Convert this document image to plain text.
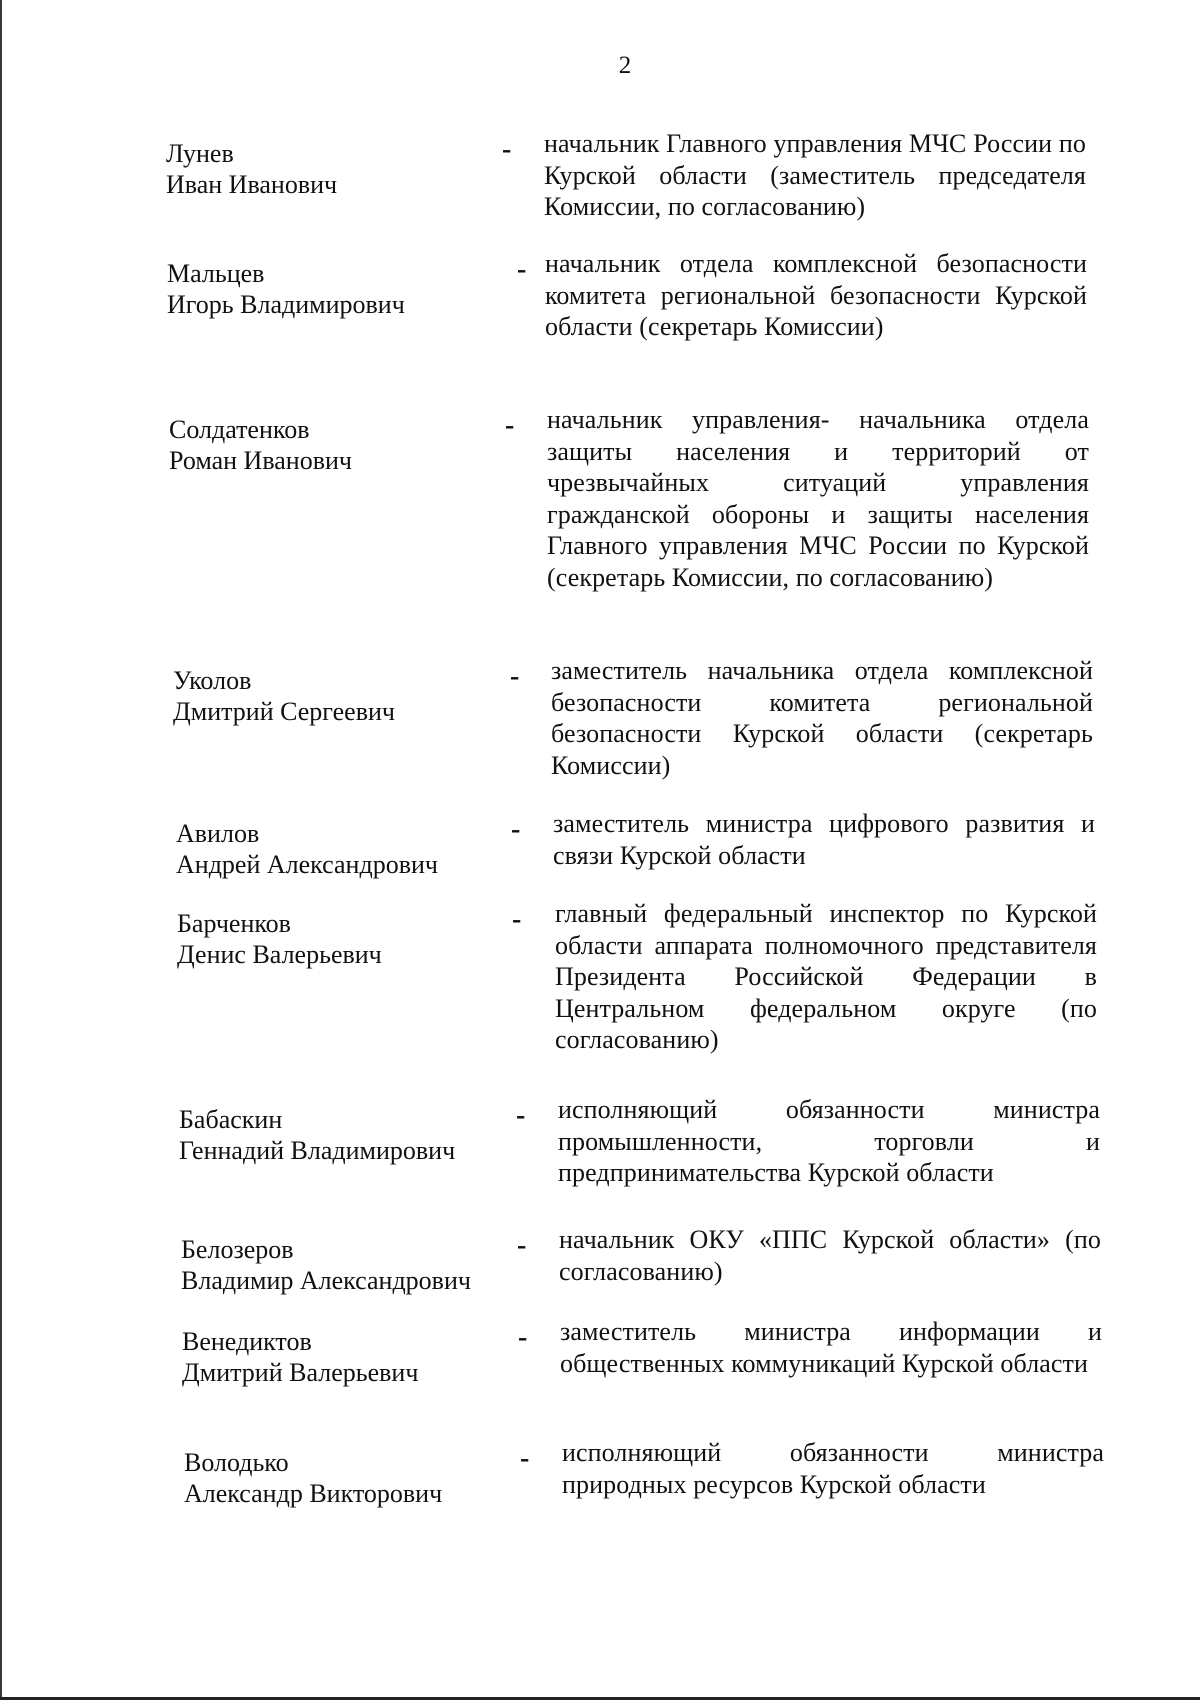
2
Лунев
Иван Иванович
- начальник Главного управления МЧС России по Курской области (заместитель председателя Комиссии, по согласованию)
Мальцев
Игорь Владимирович
- начальник отдела комплексной безопасности комитета региональной безопасности Курской области (секретарь Комиссии)
Солдатенков
Роман Иванович
- начальник управления- начальника отдела защиты населения и территорий от чрезвычайных ситуаций управления гражданской обороны и защиты населения Главного управления МЧС России по Курской (секретарь Комиссии, по согласованию)
Уколов
Дмитрий Сергеевич
- заместитель начальника отдела комплексной безопасности комитета региональной безопасности Курской области (секретарь Комиссии)
Авилов
Андрей Александрович
- заместитель министра цифрового развития и связи Курской области
Барченков
Денис Валерьевич
- главный федеральный инспектор по Курской области аппарата полномочного представителя Президента Российской Федерации в Центральном федеральном округе (по согласованию)
Бабаскин
Геннадий Владимирович
- исполняющий обязанности министра промышленности, торговли и предпринимательства Курской области
Белозеров
Владимир Александрович
- начальник ОКУ «ППС Курской области» (по согласованию)
Венедиктов
Дмитрий Валерьевич
- заместитель министра информации и общественных коммуникаций Курской области
Володько
Александр Викторович
- исполняющий обязанности министра природных ресурсов Курской области
